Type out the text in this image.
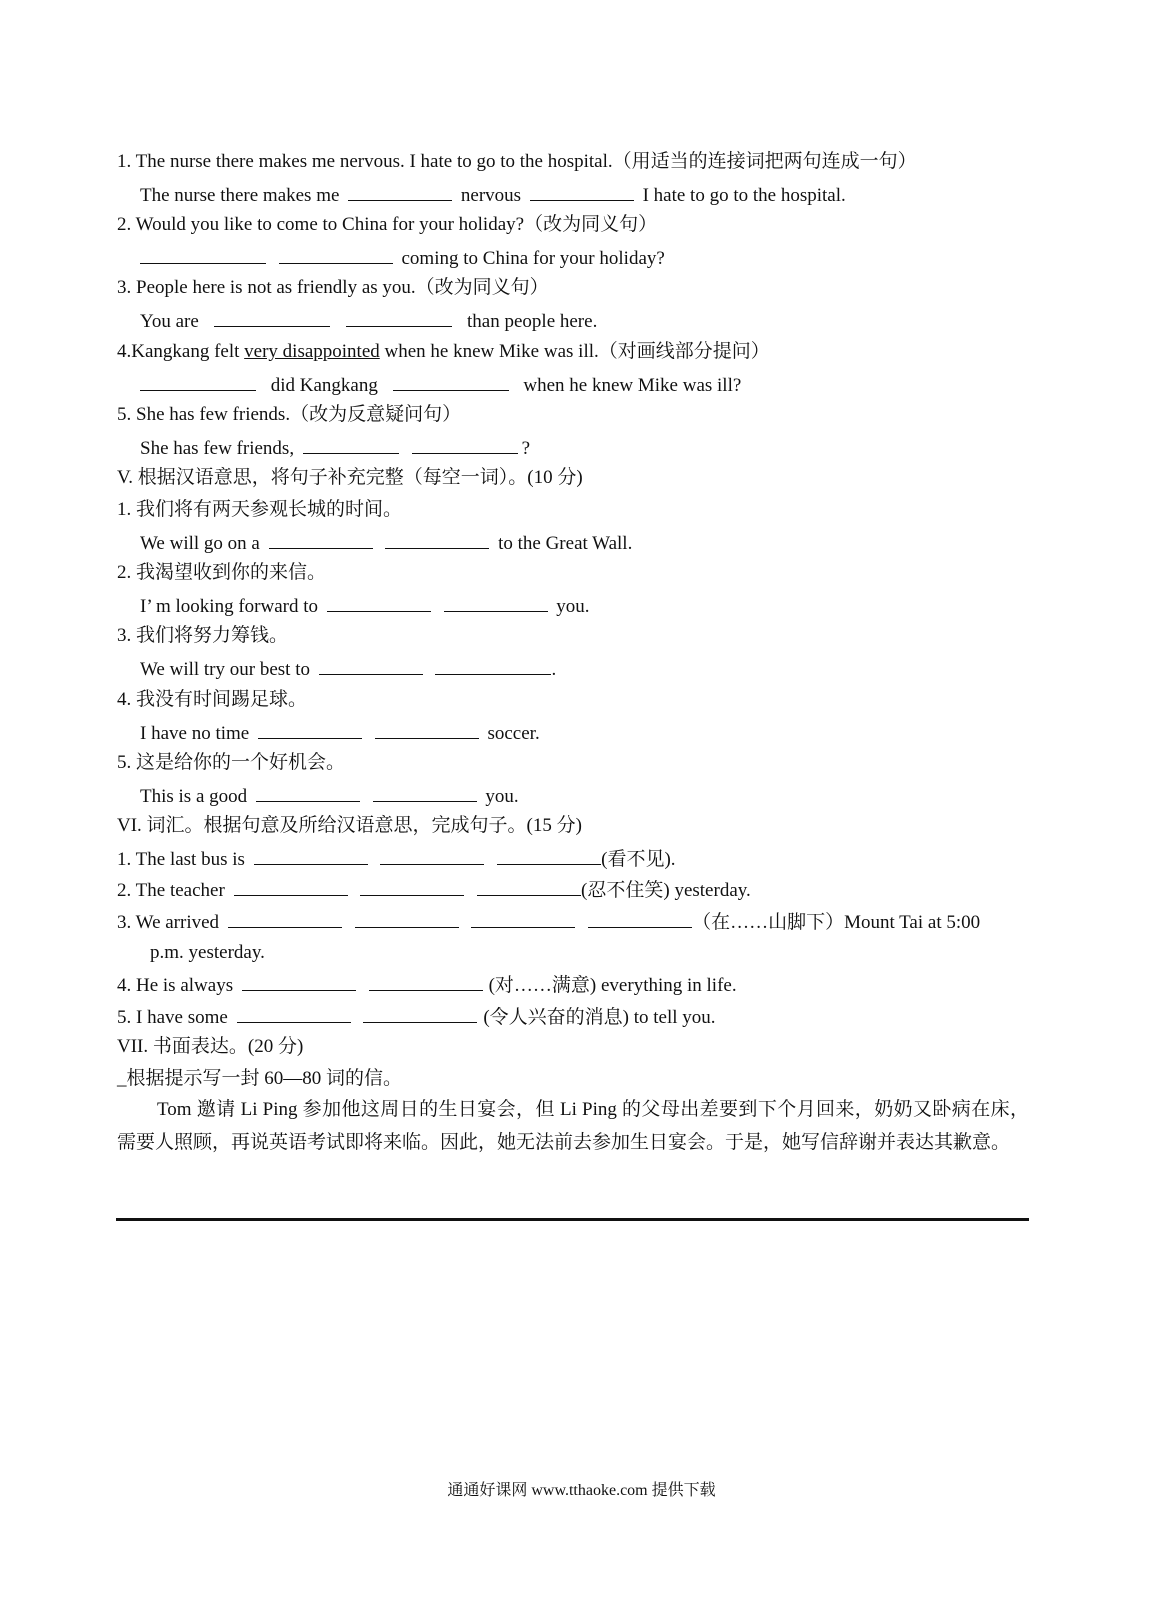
1. The nurse there makes me nervous. I hate to go to the hospital.（用适当的连接词把两句连成一句）
The nurse there makes me	nervous	I hate to go to the hospital.
2. Would you like to come to China for your holiday?（改为同义句）
coming to China for your holiday?
3. People here is not as friendly as you.（改为同义句）
You are	than people here.
4.Kangkang felt very disappointed when he knew Mike was ill.（对画线部分提问）
did Kangkang	when he knew Mike was ill?
5. She has few friends.（改为反意疑问句）
She has few friends,	?
V. 根据汉语意思，将句子补充完整（每空一词）。(10 分)
1. 我们将有两天参观长城的时间。
We will go on a	to the Great Wall.
2. 我渴望收到你的来信。
I’ m looking forward to	you.
3. 我们将努力筹钱。
We will try our best to	.
4. 我没有时间踢足球。
I have no time	soccer.
5. 这是给你的一个好机会。
This is a good	you.
VI. 词汇。根据句意及所给汉语意思，完成句子。(15 分)
1. The last bus is	(看不见).
2. The teacher	(忍不住笑) yesterday.
3. We arrived	（在……山脚下）Mount Tai at 5:00
p.m. yesterday.
4. He is always	(对……满意) everything in life.
5. I have some	(令人兴奋的消息) to tell you.
VII. 书面表达。(20 分)
_根据提示写一封 60—80 词的信。
Tom 邀请 Li Ping 参加他这周日的生日宴会，但 Li Ping 的父母出差要到下个月回来，奶奶又卧病在床，需要人照顾，再说英语考试即将来临。因此，她无法前去参加生日宴会。于是，她写信辞谢并表达其歉意。
通通好课网 www.tthaoke.com 提供下载
